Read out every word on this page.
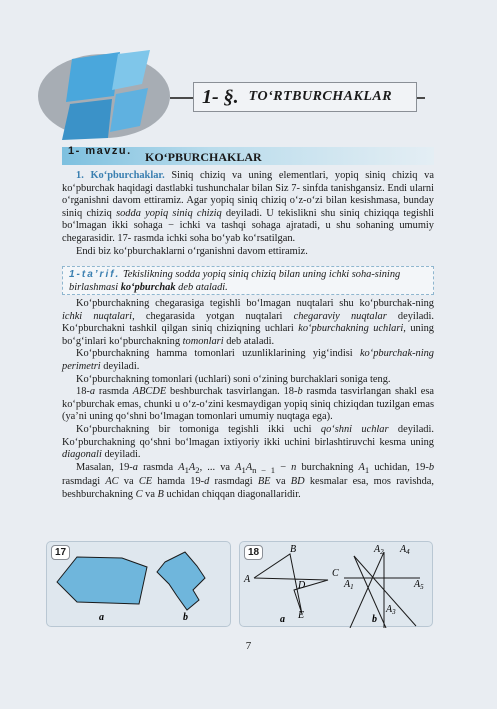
1- §. TO‘RTBURCHAKLAR
1- mavzu. KO‘PBURCHAKLAR

1. Ko‘pburchaklar. Siniq chiziq va uning elementlari, yopiq siniq chiziq va ko‘pburchak haqidagi dastlabki tushunchalar bilan Siz 7- sinfda tanishgansiz. Endi ularni o‘rganishni davom ettiramiz. Agar yopiq siniq chiziq o‘z-o‘zi bilan kesishmasa, bunday siniq chiziq sodda yopiq siniq chiziq deyiladi. U tekislikni shu siniq chiziqqa tegishli bo‘lmagan ikki sohaga − ichki va tashqi sohaga ajratadi, u shu sohaning umumiy chegarasidir. 17- rasmda ichki soha bo‘yab ko‘rsatilgan.
Endi biz ko‘pburchaklarni o‘rganishni davom ettiramiz.

1-ta’rif. Tekislikning sodda yopiq siniq chiziq bilan uning ichki soha-sining birlashmasi ko‘pburchak deb ataladi.

Ko‘pburchakning chegarasiga tegishli bo‘lmagan nuqtalari shu ko‘pburchak-ning ichki nuqtalari, chegarasida yotgan nuqtalari chegaraviy nuqtalar deyiladi. Ko‘pburchakni tashkil qilgan siniq chiziqning uchlari ko‘pburchakning uchlari, uning bo‘g‘inlari ko‘pburchakning tomonlari deb ataladi.

Ko‘pburchakning hamma tomonlari uzunliklarining yig‘indisi ko‘pburchak-ning perimetri deyiladi.

Ko‘pburchakning tomonlari (uchlari) soni o‘zining burchaklari soniga teng.

18-a rasmda ABCDE beshburchak tasvirlangan. 18-b rasmda tasvirlangan shakl esa ko‘pburchak emas, chunki u o‘z-o‘zini kesmaydigan yopiq siniq chiziqdan tuzilgan emas (ya’ni uning qo‘shni bo‘lmagan tomonlari umumiy nuqtaga ega).

Ko‘pburchakning bir tomoniga tegishli ikki uchi qo‘shni uchlar deyiladi. Ko‘pburchakning qo‘shni bo‘lmagan ixtiyoriy ikki uchini birlashtiruvchi kesma uning diagonali deyiladi.

Masalan, 19-a rasmda $A_1A_2$, ... va $A_1A_{n - 1} - n$ burchakning $A_1$ uchidan, 19-b rasmdagi AC va CE hamda 19-d rasmdagi BE va BD kesmalar esa, mos ravishda, beshburchakning C va B uchidan chiqqan diagonallaridir.

17
a	b
18	B
A
C
D
E
a
$A_2$ $A_4$
$A_1$	$A_5$
$A_3$
b
7
